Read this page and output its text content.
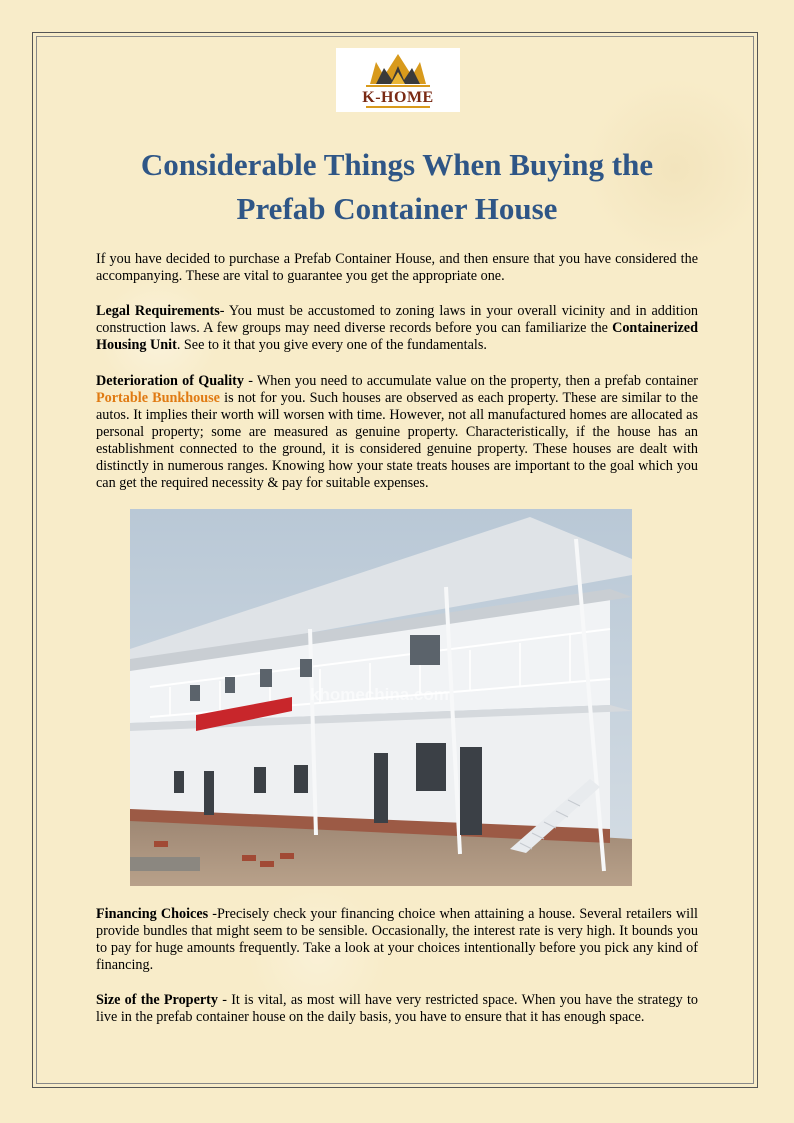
K-HOME
Considerable Things When Buying the Prefab Container House

If you have decided to purchase a Prefab Container House, and then ensure that you have considered the accompanying. These are vital to guarantee you get the appropriate one.

Legal Requirements- You must be accustomed to zoning laws in your overall vicinity and in addition construction laws. A few groups may need diverse records before you can familiarize the Containerized Housing Unit. See to it that you give every one of the fundamentals.

Deterioration of Quality - When you need to accumulate value on the property, then a prefab container Portable Bunkhouse is not for you. Such houses are observed as each property. These are similar to the autos. It implies their worth will worsen with time. However, not all manufactured homes are allocated as personal property; some are measured as genuine property. Characteristically, if the house has an establishment connected to the ground, it is considered genuine property. These houses are dealt with distinctly in numerous ranges. Knowing how your state treats houses are important to the goal which you can get the required necessity & pay for suitable expenses.

khomechina.com

Financing Choices -Precisely check your financing choice when attaining a house. Several retailers will provide bundles that might seem to be sensible. Occasionally, the interest rate is very high. It bounds you to pay for huge amounts frequently. Take a look at your choices intentionally before you pick any kind of financing.

Size of the Property - It is vital, as most will have very restricted space. When you have the strategy to live in the prefab container house on the daily basis, you have to ensure that it has enough space.
